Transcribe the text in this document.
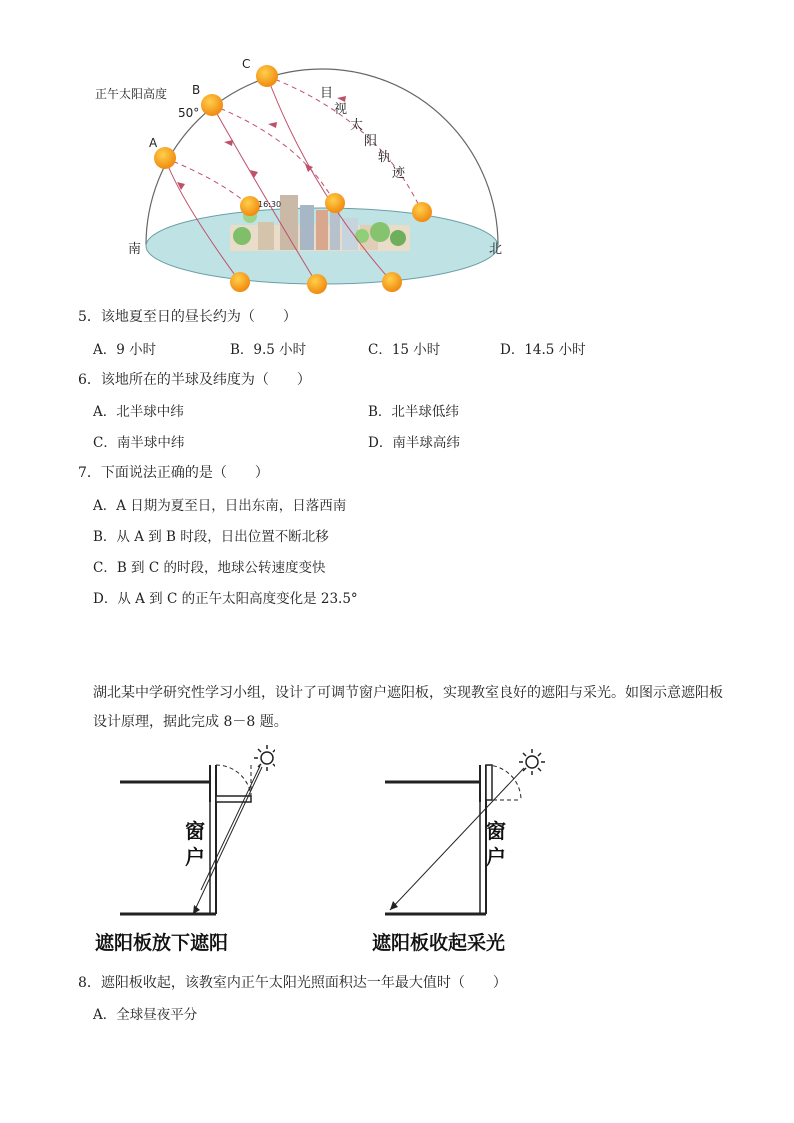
正午太阳高度
A
B
C
50°
16:30
南	北
目
视
太
阳
轨
迹
5．该地夏至日的昼长约为（　　）
A．9 小时	B．9.5 小时	C．15 小时	D．14.5 小时
6．该地所在的半球及纬度为（　　）
A．北半球中纬	B．北半球低纬
C．南半球中纬	D．南半球高纬
7．下面说法正确的是（　　）
A．A 日期为夏至日，日出东南，日落西南
B．从 A 到 B 时段，日出位置不断北移
C．B 到 C 的时段，地球公转速度变快
D．从 A 到 C 的正午太阳高度变化是 23.5°
湖北某中学研究性学习小组，设计了可调节窗户遮阳板，实现教室良好的遮阳与采光。如图示意遮阳板
设计原理，据此完成 8－8 题。
窗
户
遮阳板放下遮阳
窗
户
遮阳板收起采光
8．遮阳板收起，该教室内正午太阳光照面积达一年最大值时（　　）
A．全球昼夜平分
